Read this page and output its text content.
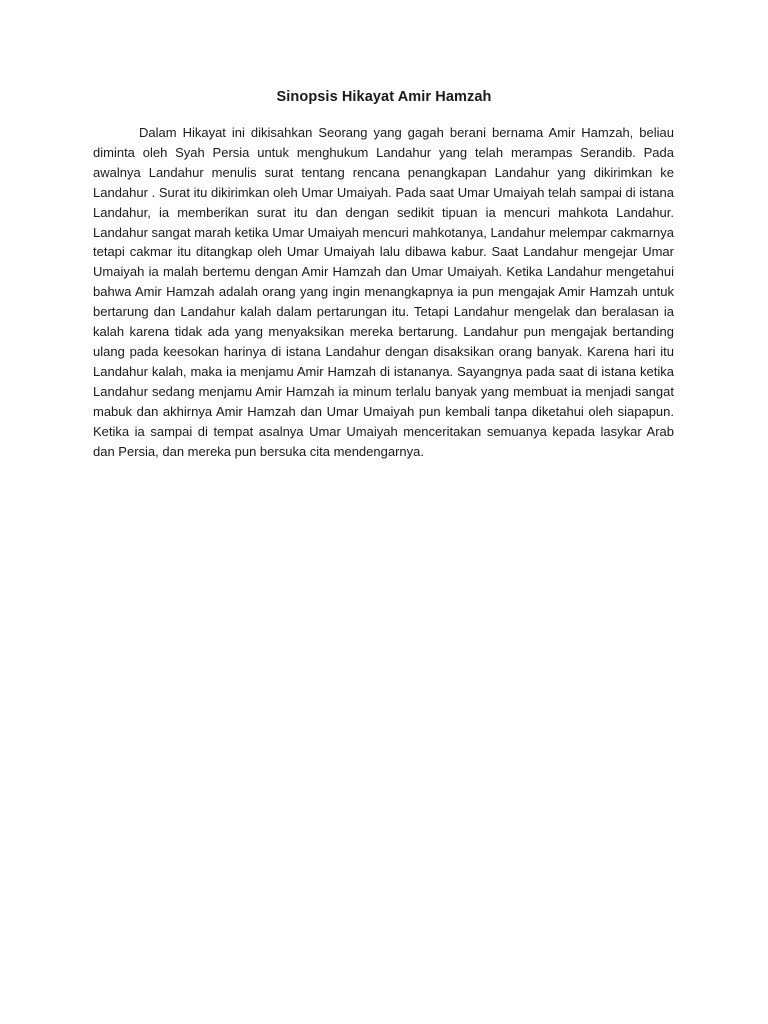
Sinopsis Hikayat Amir Hamzah

Dalam Hikayat ini dikisahkan Seorang yang gagah berani bernama Amir Hamzah, beliau diminta oleh Syah Persia untuk menghukum Landahur yang telah merampas Serandib. Pada awalnya Landahur menulis surat tentang rencana penangkapan Landahur yang dikirimkan ke Landahur . Surat itu dikirimkan oleh Umar Umaiyah. Pada saat Umar Umaiyah telah sampai di istana Landahur, ia memberikan surat itu dan dengan sedikit tipuan ia mencuri mahkota Landahur. Landahur sangat marah ketika Umar Umaiyah mencuri mahkotanya, Landahur melempar cakmarnya tetapi cakmar itu ditangkap oleh Umar Umaiyah lalu dibawa kabur. Saat Landahur mengejar Umar Umaiyah ia malah bertemu dengan Amir Hamzah dan Umar Umaiyah. Ketika Landahur mengetahui bahwa Amir Hamzah adalah orang yang ingin menangkapnya ia pun mengajak Amir Hamzah untuk bertarung dan Landahur kalah dalam pertarungan itu. Tetapi Landahur mengelak dan beralasan ia kalah karena tidak ada yang menyaksikan mereka bertarung. Landahur pun mengajak bertanding ulang pada keesokan harinya di istana Landahur dengan disaksikan orang banyak. Karena hari itu Landahur kalah, maka ia menjamu Amir Hamzah di istananya. Sayangnya pada saat di istana ketika Landahur sedang menjamu Amir Hamzah ia minum terlalu banyak yang membuat ia menjadi sangat mabuk dan akhirnya Amir Hamzah dan Umar Umaiyah pun kembali tanpa diketahui oleh siapapun. Ketika ia sampai di tempat asalnya Umar Umaiyah menceritakan semuanya kepada lasykar Arab dan Persia, dan mereka pun bersuka cita mendengarnya.
